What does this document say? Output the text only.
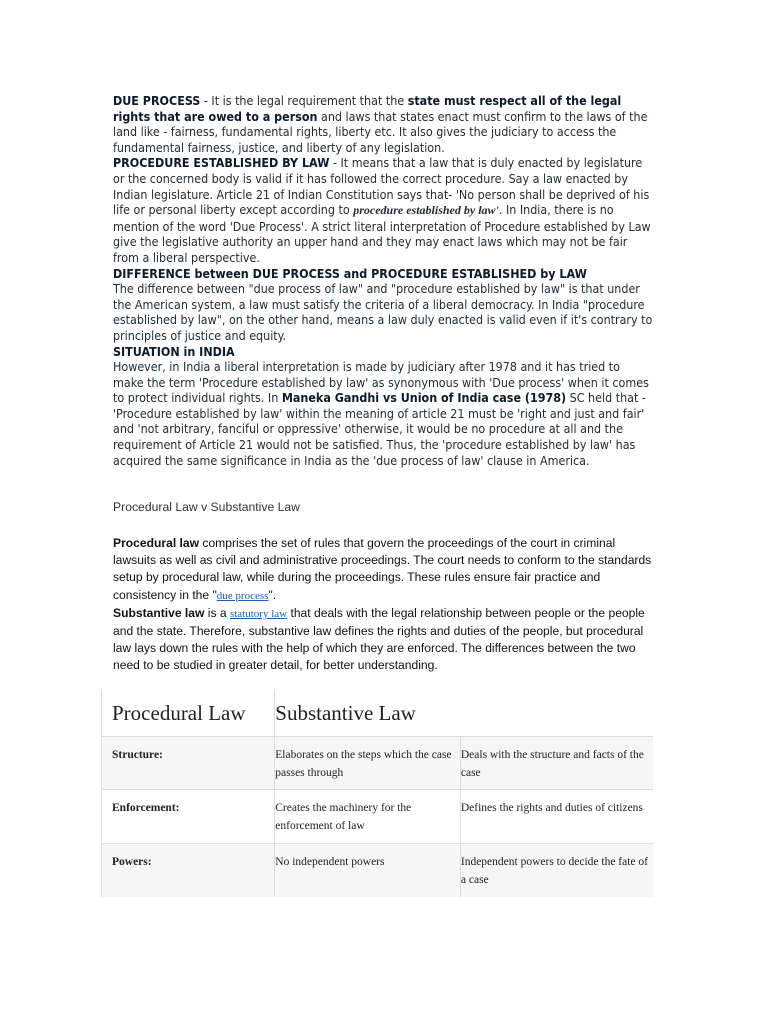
DUE PROCESS - It is the legal requirement that the state must respect all of the legal rights that are owed to a person and laws that states enact must confirm to the laws of the land like - fairness, fundamental rights, liberty etc. It also gives the judiciary to access the fundamental fairness, justice, and liberty of any legislation.

PROCEDURE ESTABLISHED BY LAW - It means that a law that is duly enacted by legislature or the concerned body is valid if it has followed the correct procedure. Say a law enacted by Indian legislature. Article 21 of Indian Constitution says that- 'No person shall be deprived of his life or personal liberty except according to procedure established by law'. In India, there is no mention of the word 'Due Process'. A strict literal interpretation of Procedure established by Law give the legislative authority an upper hand and they may enact laws which may not be fair from a liberal perspective.

DIFFERENCE between DUE PROCESS and PROCEDURE ESTABLISHED by LAW

The difference between "due process of law" and "procedure established by law" is that under the American system, a law must satisfy the criteria of a liberal democracy. In India "procedure established by law", on the other hand, means a law duly enacted is valid even if it's contrary to principles of justice and equity.

SITUATION in INDIA

However, in India a liberal interpretation is made by judiciary after 1978 and it has tried to make the term 'Procedure established by law' as synonymous with 'Due process' when it comes to protect individual rights. In Maneka Gandhi vs Union of India case (1978) SC held that - 'Procedure established by law' within the meaning of article 21 must be 'right and just and fair' and 'not arbitrary, fanciful or oppressive' otherwise, it would be no procedure at all and the requirement of Article 21 would not be satisfied. Thus, the 'procedure established by law' has acquired the same significance in India as the 'due process of law' clause in America.

Procedural Law v Substantive Law

Procedural law comprises the set of rules that govern the proceedings of the court in criminal lawsuits as well as civil and administrative proceedings. The court needs to conform to the standards setup by procedural law, while during the proceedings. These rules ensure fair practice and consistency in the "due process".

Substantive law is a statutory law that deals with the legal relationship between people or the people and the state. Therefore, substantive law defines the rights and duties of the people, but procedural law lays down the rules with the help of which they are enforced. The differences between the two need to be studied in greater detail, for better understanding.

Procedural Law	Substantive Law	
Structure:	Elaborates on the steps which the case passes through	Deals with the structure and facts of the case
Enforcement:	Creates the machinery for the enforcement of law	Defines the rights and duties of citizens
Powers:	No independent powers	Independent powers to decide the fate of a case
